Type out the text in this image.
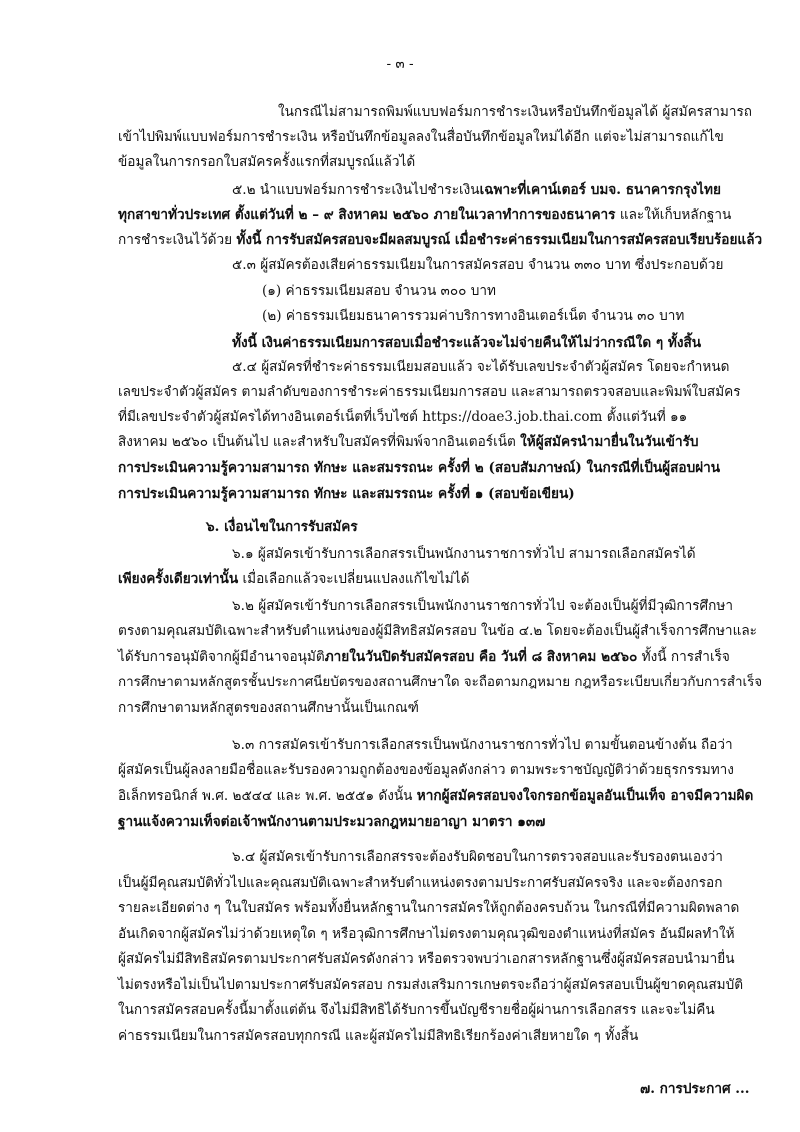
- ๓ -
ในกรณีไม่สามารถพิมพ์แบบฟอร์มการชำระเงินหรือบันทึกข้อมูลได้ ผู้สมัครสามารถ
เข้าไปพิมพ์แบบฟอร์มการชำระเงิน หรือบันทึกข้อมูลลงในสื่อบันทึกข้อมูลใหม่ได้อีก แต่จะไม่สามารถแก้ไข
ข้อมูลในการกรอกใบสมัครครั้งแรกที่สมบูรณ์แล้วได้
๕.๒ นำแบบฟอร์มการชำระเงินไปชำระเงินเฉพาะที่เคาน์เตอร์ บมจ. ธนาคารกรุงไทย
ทุกสาขาทั่วประเทศ ตั้งแต่วันที่ ๒ – ๙ สิงหาคม ๒๕๖๐ ภายในเวลาทำการของธนาคาร และให้เก็บหลักฐาน
การชำระเงินไว้ด้วย ทั้งนี้ การรับสมัครสอบจะมีผลสมบูรณ์ เมื่อชำระค่าธรรมเนียมในการสมัครสอบเรียบร้อยแล้ว
๕.๓ ผู้สมัครต้องเสียค่าธรรมเนียมในการสมัครสอบ จำนวน ๓๓๐ บาท ซึ่งประกอบด้วย
(๑) ค่าธรรมเนียมสอบ จำนวน ๓๐๐ บาท
(๒) ค่าธรรมเนียมธนาคารรวมค่าบริการทางอินเตอร์เน็ต จำนวน ๓๐ บาท
ทั้งนี้ เงินค่าธรรมเนียมการสอบเมื่อชำระแล้วจะไม่จ่ายคืนให้ไม่ว่ากรณีใด ๆ ทั้งสิ้น
๕.๔ ผู้สมัครที่ชำระค่าธรรมเนียมสอบแล้ว จะได้รับเลขประจำตัวผู้สมัคร โดยจะกำหนด
เลขประจำตัวผู้สมัคร ตามลำดับของการชำระค่าธรรมเนียมการสอบ และสามารถตรวจสอบและพิมพ์ใบสมัคร
ที่มีเลขประจำตัวผู้สมัครได้ทางอินเตอร์เน็ตที่เว็บไซต์ https://doae3.job.thai.com ตั้งแต่วันที่ ๑๑
สิงหาคม ๒๕๖๐ เป็นต้นไป และสำหรับใบสมัครที่พิมพ์จากอินเตอร์เน็ต ให้ผู้สมัครนำมายื่นในวันเข้ารับ
การประเมินความรู้ความสามารถ ทักษะ และสมรรถนะ ครั้งที่ ๒ (สอบสัมภาษณ์) ในกรณีที่เป็นผู้สอบผ่าน
การประเมินความรู้ความสามารถ ทักษะ และสมรรถนะ ครั้งที่ ๑ (สอบข้อเขียน)
๖. เงื่อนไขในการรับสมัคร
๖.๑ ผู้สมัครเข้ารับการเลือกสรรเป็นพนักงานราชการทั่วไป สามารถเลือกสมัครได้
เพียงครั้งเดียวเท่านั้น เมื่อเลือกแล้วจะเปลี่ยนแปลงแก้ไขไม่ได้
๖.๒ ผู้สมัครเข้ารับการเลือกสรรเป็นพนักงานราชการทั่วไป จะต้องเป็นผู้ที่มีวุฒิการศึกษา
ตรงตามคุณสมบัติเฉพาะสำหรับตำแหน่งของผู้มีสิทธิสมัครสอบ ในข้อ ๔.๒ โดยจะต้องเป็นผู้สำเร็จการศึกษาและ
ได้รับการอนุมัติจากผู้มีอำนาจอนุมัติภายในวันปิดรับสมัครสอบ คือ วันที่ ๘ สิงหาคม ๒๕๖๐ ทั้งนี้ การสำเร็จ
การศึกษาตามหลักสูตรชั้นประกาศนียบัตรของสถานศึกษาใด จะถือตามกฎหมาย กฎหรือระเบียบเกี่ยวกับการสำเร็จ
การศึกษาตามหลักสูตรของสถานศึกษานั้นเป็นเกณฑ์
๖.๓ การสมัครเข้ารับการเลือกสรรเป็นพนักงานราชการทั่วไป ตามขั้นตอนข้างต้น ถือว่า
ผู้สมัครเป็นผู้ลงลายมือชื่อและรับรองความถูกต้องของข้อมูลดังกล่าว ตามพระราชบัญญัติว่าด้วยธุรกรรมทาง
อิเล็กทรอนิกส์ พ.ศ. ๒๕๔๔ และ พ.ศ. ๒๕๕๑ ดังนั้น หากผู้สมัครสอบจงใจกรอกข้อมูลอันเป็นเท็จ อาจมีความผิด
ฐานแจ้งความเท็จต่อเจ้าพนักงานตามประมวลกฎหมายอาญา มาตรา ๑๓๗
๖.๔ ผู้สมัครเข้ารับการเลือกสรรจะต้องรับผิดชอบในการตรวจสอบและรับรองตนเองว่า
เป็นผู้มีคุณสมบัติทั่วไปและคุณสมบัติเฉพาะสำหรับตำแหน่งตรงตามประกาศรับสมัครจริง และจะต้องกรอก
รายละเอียดต่าง ๆ ในใบสมัคร พร้อมทั้งยื่นหลักฐานในการสมัครให้ถูกต้องครบถ้วน ในกรณีที่มีความผิดพลาด
อันเกิดจากผู้สมัครไม่ว่าด้วยเหตุใด ๆ หรือวุฒิการศึกษาไม่ตรงตามคุณวุฒิของตำแหน่งที่สมัคร อันมีผลทำให้
ผู้สมัครไม่มีสิทธิสมัครตามประกาศรับสมัครดังกล่าว หรือตรวจพบว่าเอกสารหลักฐานซึ่งผู้สมัครสอบนำมายื่น
ไม่ตรงหรือไม่เป็นไปตามประกาศรับสมัครสอบ กรมส่งเสริมการเกษตรจะถือว่าผู้สมัครสอบเป็นผู้ขาดคุณสมบัติ
ในการสมัครสอบครั้งนี้มาตั้งแต่ต้น จึงไม่มีสิทธิได้รับการขึ้นบัญชีรายชื่อผู้ผ่านการเลือกสรร และจะไม่คืน
ค่าธรรมเนียมในการสมัครสอบทุกกรณี และผู้สมัครไม่มีสิทธิเรียกร้องค่าเสียหายใด ๆ ทั้งสิ้น
๗. การประกาศ ...
